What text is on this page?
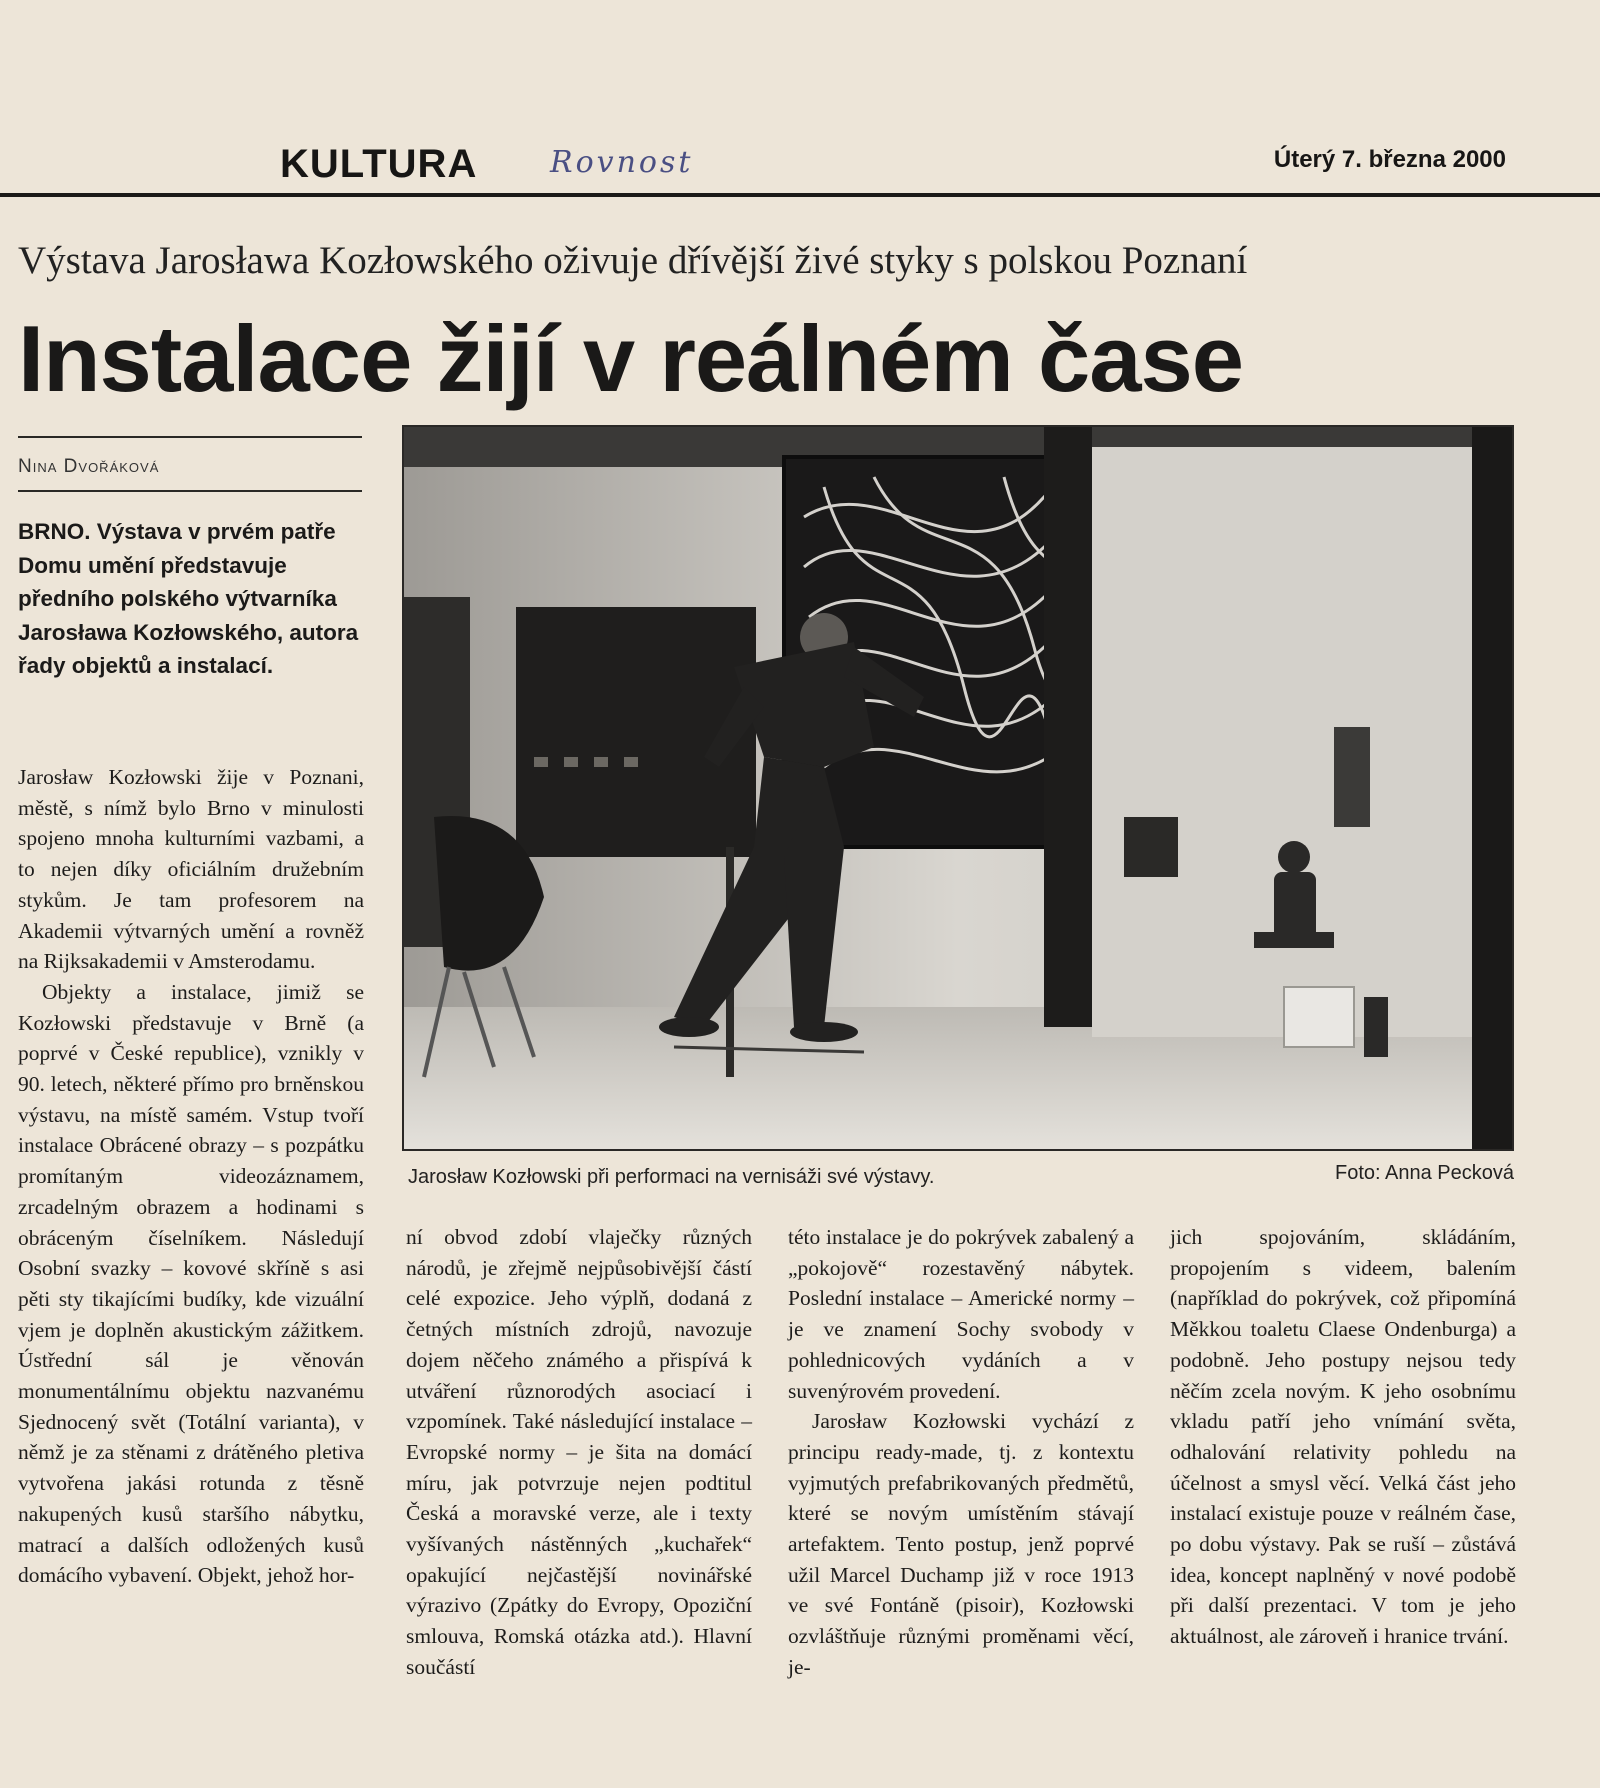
KULTURA Rovnost	Úterý 7. března 2000
Výstava Jarosława Kozłowského oživuje dřívější živé styky s polskou Poznaní
Instalace žijí v reálném čase
Nina Dvořáková

BRNO. Výstava v prvém patře Domu umění představuje předního polského výtvarníka Jarosława Kozłowského, autora řady objektů a instalací.

Jarosław Kozłowski žije v Poznani, městě, s nímž bylo Brno v minulosti spojeno mnoha kulturními vazbami, a to nejen díky oficiálním družebním stykům. Je tam profesorem na Akademii výtvarných umění a rovněž na Rijksakademii v Amsterodamu.

Objekty a instalace, jimiž se Kozłowski představuje v Brně (a poprvé v České republice), vznikly v 90. letech, některé přímo pro brněnskou výstavu, na místě samém. Vstup tvoří instalace Obrácené obrazy – s pozpátku promítaným videozáznamem, zrcadelným obrazem a hodinami s obráceným číselníkem. Následují Osobní svazky – kovové skříně s asi pěti sty tikajícími budíky, kde vizuální vjem je doplněn akustickým zážitkem. Ústřední sál je věnován monumentálnímu objektu nazvanému Sjednocený svět (Totální varianta), v němž je za stěnami z drátěného pletiva vytvořena jakási rotunda z těsně nakupených kusů staršího nábytku, matrací a dalších odložených kusů domácího vybavení. Objekt, jehož hor-

ní obvod zdobí vlaječky různých národů, je zřejmě nejpůsobivější částí celé expozice. Jeho výplň, dodaná z četných místních zdrojů, navozuje dojem něčeho známého a přispívá k utváření různorodých asociací i vzpomínek. Také následující instalace – Evropské normy – je šita na domácí míru, jak potvrzuje nejen podtitul Česká a moravské verze, ale i texty vyšívaných nástěnných „kuchařek“ opakující nejčastější novinářské výrazivo (Zpátky do Evropy, Opoziční smlouva, Romská otázka atd.). Hlavní součástí

této instalace je do pokrývek zabalený a „pokojově“ rozestavěný nábytek. Poslední instalace – Americké normy – je ve znamení Sochy svobody v pohlednicových vydáních a v suvenýrovém provedení.

Jarosław Kozłowski vychází z principu ready-made, tj. z kontextu vyjmutých prefabrikovaných předmětů, které se novým umístěním stávají artefaktem. Tento postup, jenž poprvé užil Marcel Duchamp již v roce 1913 ve své Fontáně (pisoir), Kozłowski ozvláštňuje různými proměnami věcí, je-

jich spojováním, skládáním, propojením s videem, balením (například do pokrývek, což připomíná Měkkou toaletu Claese Ondenburga) a podobně. Jeho postupy nejsou tedy něčím zcela novým. K jeho osobnímu vkladu patří jeho vnímání světa, odhalování relativity pohledu na účelnost a smysl věcí. Velká část jeho instalací existuje pouze v reálném čase, po dobu výstavy. Pak se ruší – zůstává idea, koncept naplněný v nové podobě při další prezentaci. V tom je jeho aktuálnost, ale zároveň i hranice trvání.

Jarosław Kozłowski při performaci na vernisáži své výstavy.	Foto: Anna Pecková
